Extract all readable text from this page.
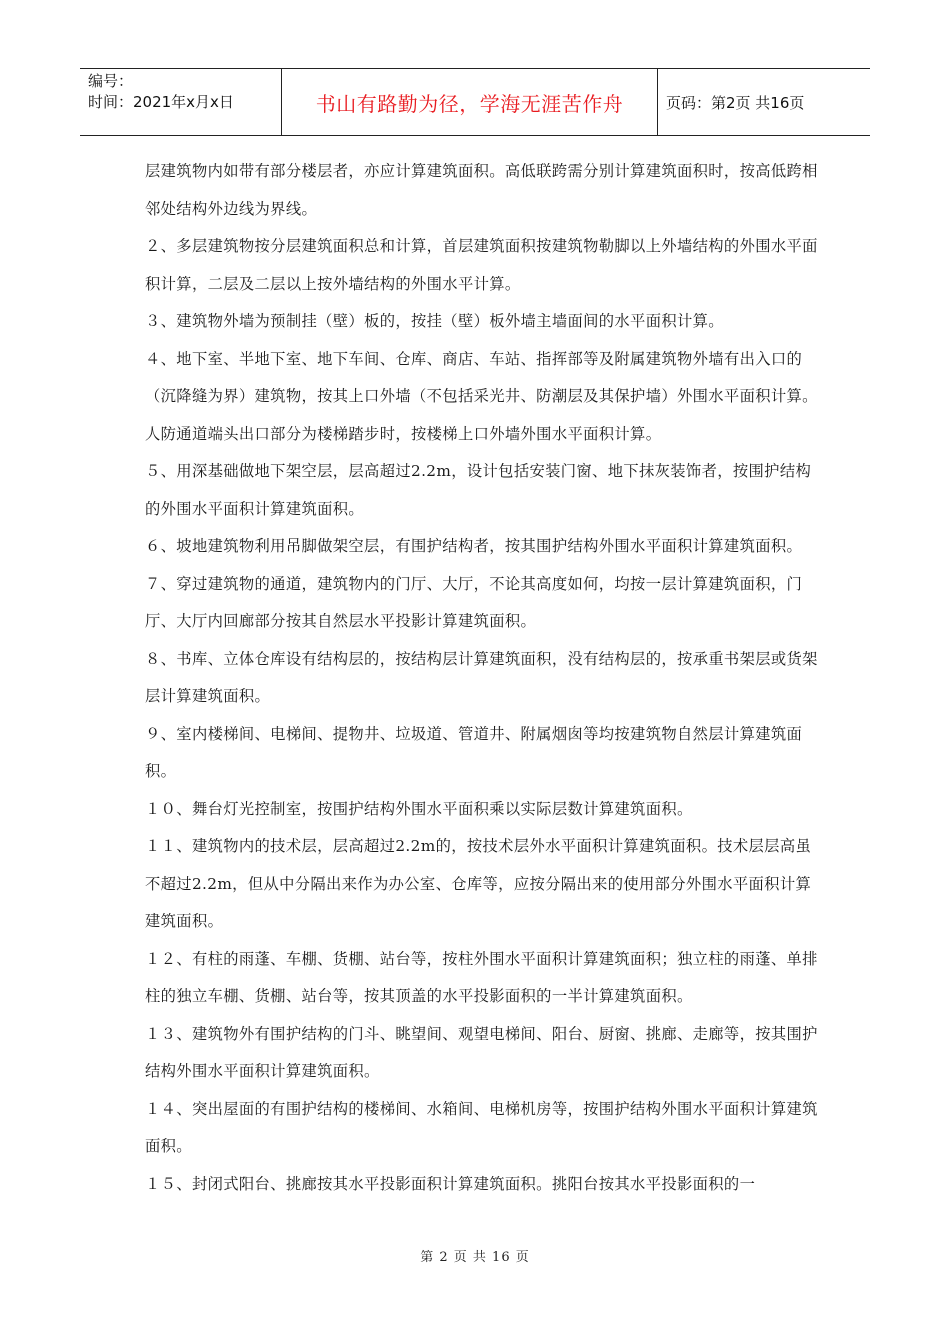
编号：
时间：2021年x月x日	书山有路勤为径，学海无涯苦作舟	页码：第2页 共16页

层建筑物内如带有部分楼层者，亦应计算建筑面积。高低联跨需分别计算建筑面积时，按高低跨相邻处结构外边线为界线。

２、多层建筑物按分层建筑面积总和计算，首层建筑面积按建筑物勒脚以上外墙结构的外围水平面积计算，二层及二层以上按外墙结构的外围水平计算。

３、建筑物外墙为预制挂（壁）板的，按挂（壁）板外墙主墙面间的水平面积计算。

４、地下室、半地下室、地下车间、仓库、商店、车站、指挥部等及附属建筑物外墙有出入口的（沉降缝为界）建筑物，按其上口外墙（不包括采光井、防潮层及其保护墙）外围水平面积计算。人防通道端头出口部分为楼梯踏步时，按楼梯上口外墙外围水平面积计算。

５、用深基础做地下架空层，层高超过2.2m，设计包括安装门窗、地下抹灰装饰者，按围护结构的外围水平面积计算建筑面积。

６、坡地建筑物利用吊脚做架空层，有围护结构者，按其围护结构外围水平面积计算建筑面积。

７、穿过建筑物的通道，建筑物内的门厅、大厅，不论其高度如何，均按一层计算建筑面积，门厅、大厅内回廊部分按其自然层水平投影计算建筑面积。

８、书库、立体仓库设有结构层的，按结构层计算建筑面积，没有结构层的，按承重书架层或货架层计算建筑面积。

９、室内楼梯间、电梯间、提物井、垃圾道、管道井、附属烟囱等均按建筑物自然层计算建筑面积。

１０、舞台灯光控制室，按围护结构外围水平面积乘以实际层数计算建筑面积。

１１、建筑物内的技术层，层高超过2.2m的，按技术层外水平面积计算建筑面积。技术层层高虽不超过2.2m，但从中分隔出来作为办公室、仓库等，应按分隔出来的使用部分外围水平面积计算建筑面积。

１２、有柱的雨蓬、车棚、货棚、站台等，按柱外围水平面积计算建筑面积；独立柱的雨蓬、单排柱的独立车棚、货棚、站台等，按其顶盖的水平投影面积的一半计算建筑面积。

１３、建筑物外有围护结构的门斗、眺望间、观望电梯间、阳台、厨窗、挑廊、走廊等，按其围护结构外围水平面积计算建筑面积。

１４、突出屋面的有围护结构的楼梯间、水箱间、电梯机房等，按围护结构外围水平面积计算建筑面积。

１５、封闭式阳台、挑廊按其水平投影面积计算建筑面积。挑阳台按其水平投影面积的一

第 2 页 共 16 页
